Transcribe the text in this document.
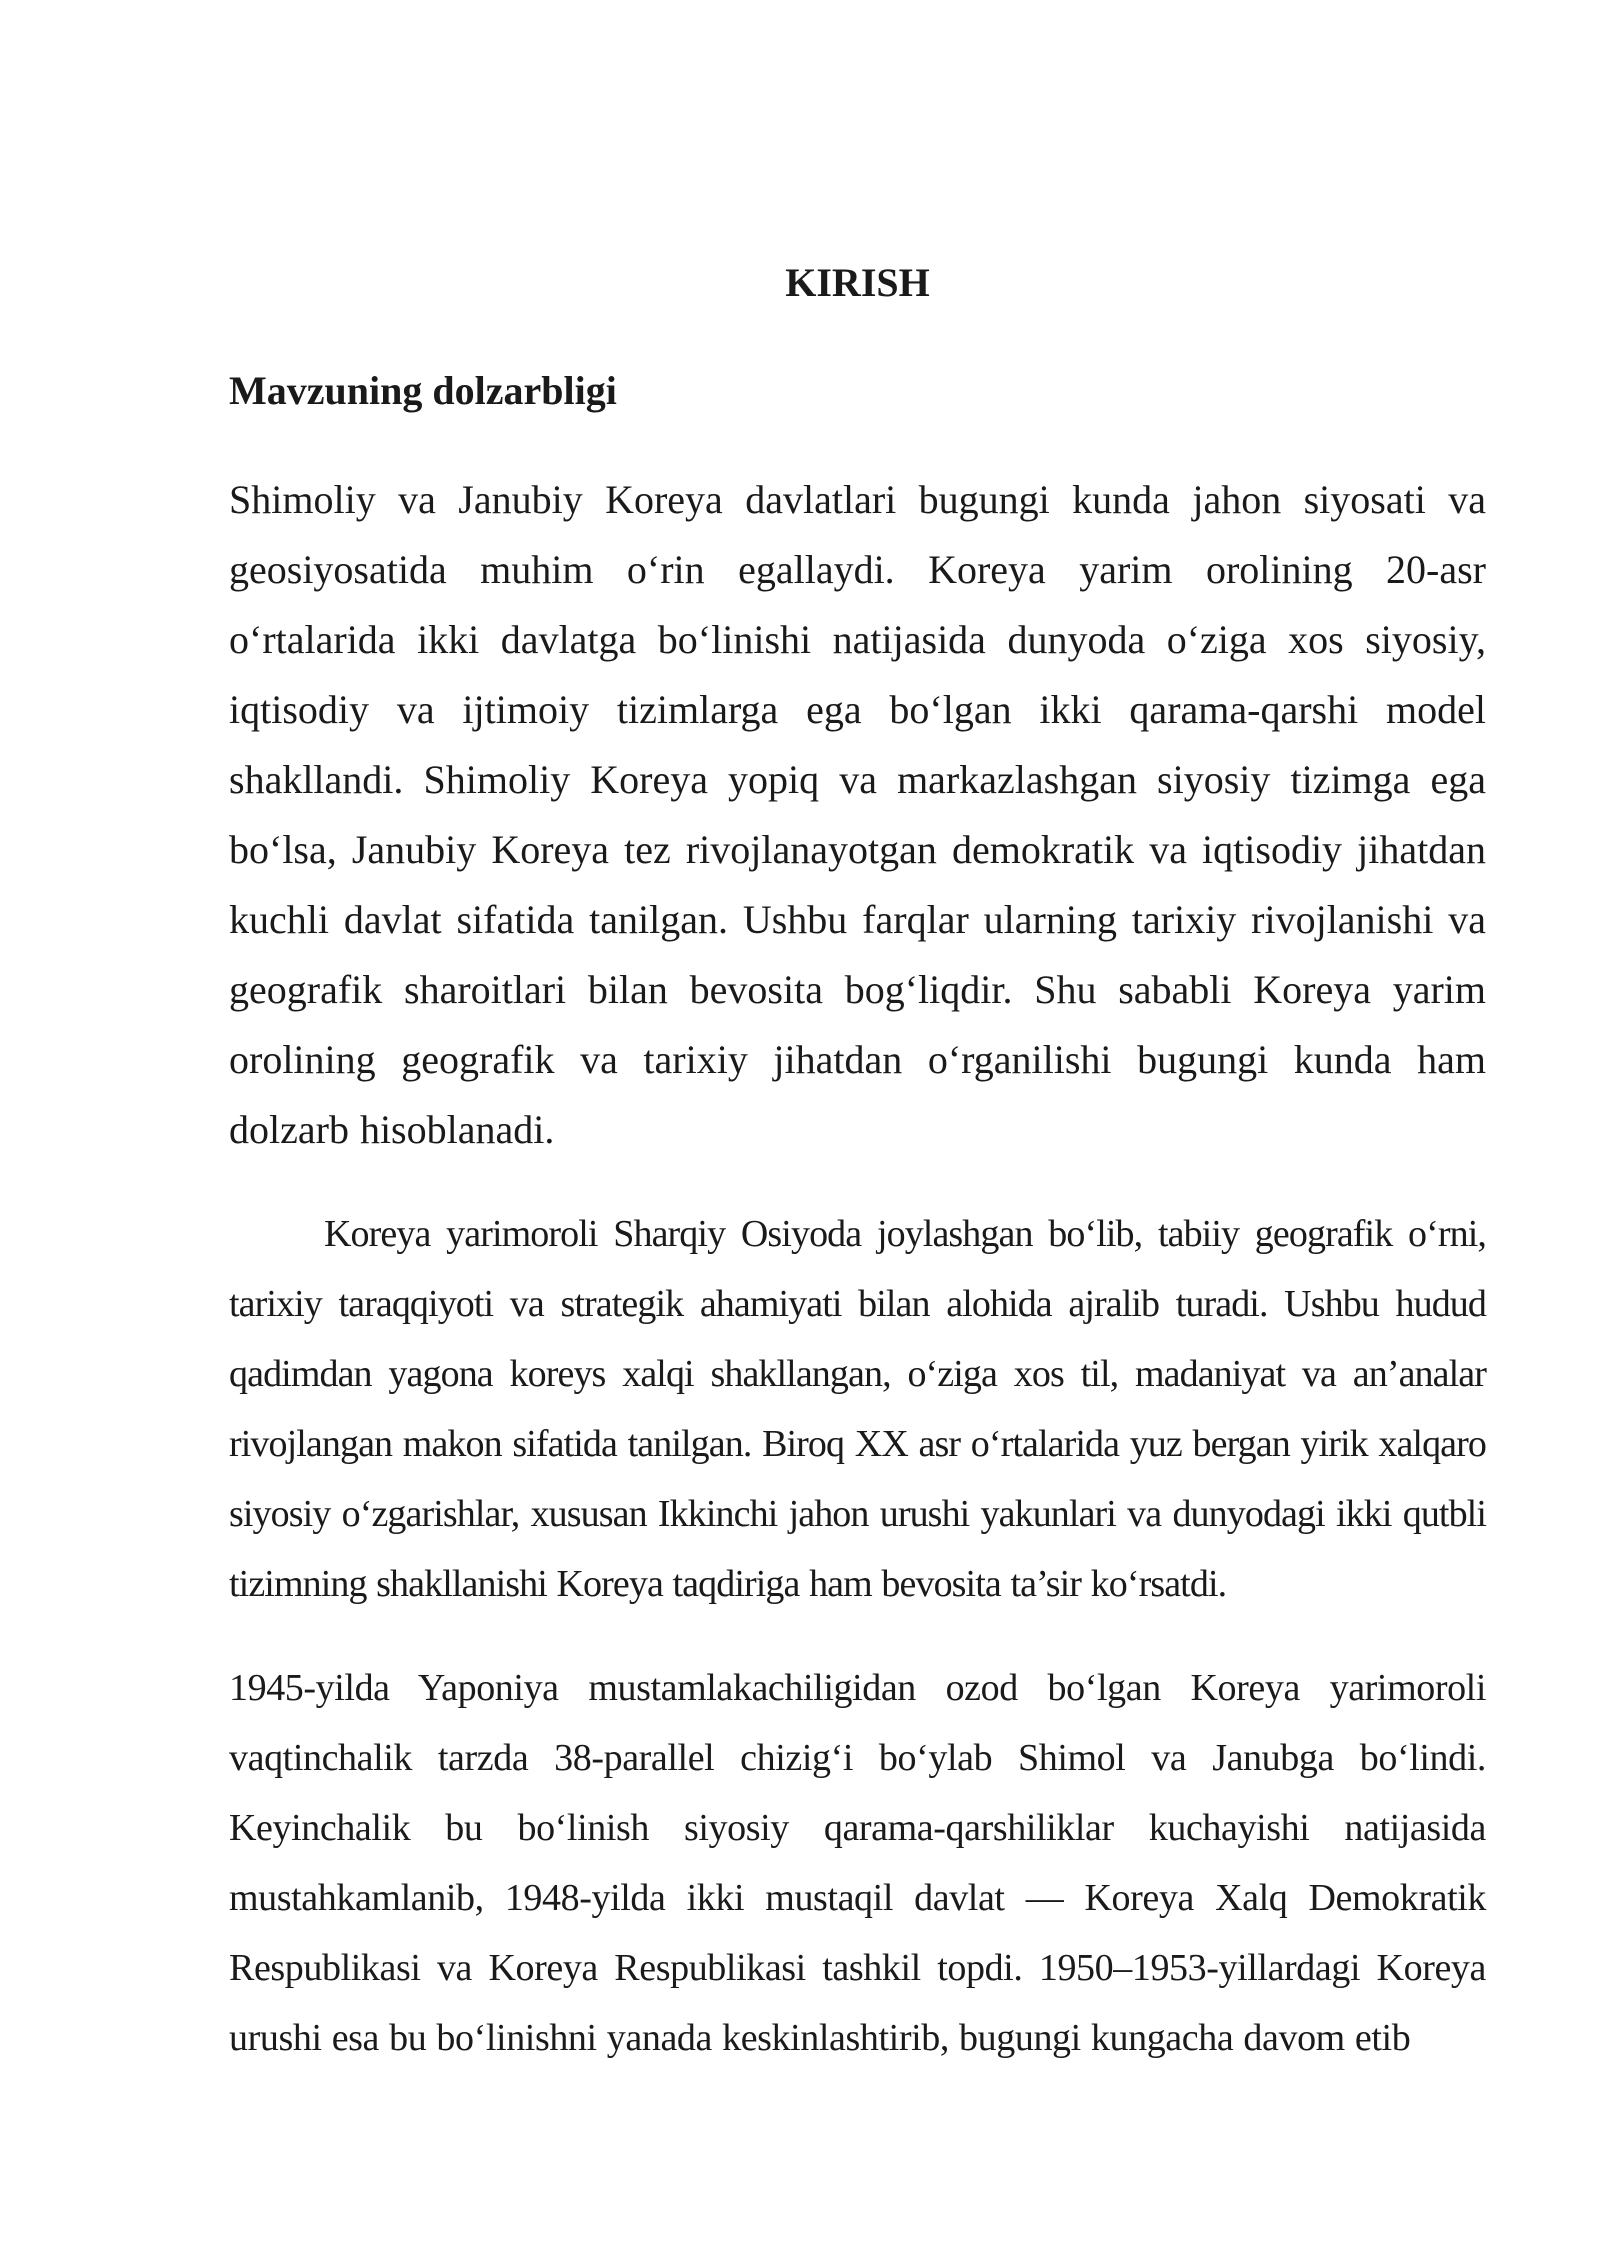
KIRISH
Mavzuning dolzarbligi

Shimoliy va Janubiy Koreya davlatlari bugungi kunda jahon siyosati va geosiyosatida muhim o‘rin egallaydi. Koreya yarim orolining 20-asr o‘rtalarida ikki davlatga bo‘linishi natijasida dunyoda o‘ziga xos siyosiy, iqtisodiy va ijtimoiy tizimlarga ega bo‘lgan ikki qarama-qarshi model shakllandi. Shimoliy Koreya yopiq va markazlashgan siyosiy tizimga ega bo‘lsa, Janubiy Koreya tez rivojlanayotgan demokratik va iqtisodiy jihatdan kuchli davlat sifatida tanilgan. Ushbu farqlar ularning tarixiy rivojlanishi va geografik sharoitlari bilan bevosita bog‘liqdir. Shu sababli Koreya yarim orolining geografik va tarixiy jihatdan o‘rganilishi bugungi kunda ham dolzarb hisoblanadi.

Koreya yarimoroli Sharqiy Osiyoda joylashgan bo‘lib, tabiiy geografik o‘rni, tarixiy taraqqiyoti va strategik ahamiyati bilan alohida ajralib turadi. Ushbu hudud qadimdan yagona koreys xalqi shakllangan, o‘ziga xos til, madaniyat va an’analar rivojlangan makon sifatida tanilgan. Biroq XX asr o‘rtalarida yuz bergan yirik xalqaro siyosiy o‘zgarishlar, xususan Ikkinchi jahon urushi yakunlari va dunyodagi ikki qutbli tizimning shakllanishi Koreya taqdiriga ham bevosita ta’sir ko‘rsatdi.

1945-yilda Yaponiya mustamlakachiligidan ozod bo‘lgan Koreya yarimoroli vaqtinchalik tarzda 38-parallel chizig‘i bo‘ylab Shimol va Janubga bo‘lindi. Keyinchalik bu bo‘linish siyosiy qarama-qarshiliklar kuchayishi natijasida mustahkamlanib, 1948-yilda ikki mustaqil davlat — Koreya Xalq Demokratik Respublikasi va Koreya Respublikasi tashkil topdi. 1950–1953-yillardagi Koreya urushi esa bu bo‘linishni yanada keskinlashtirib, bugungi kungacha davom etib
